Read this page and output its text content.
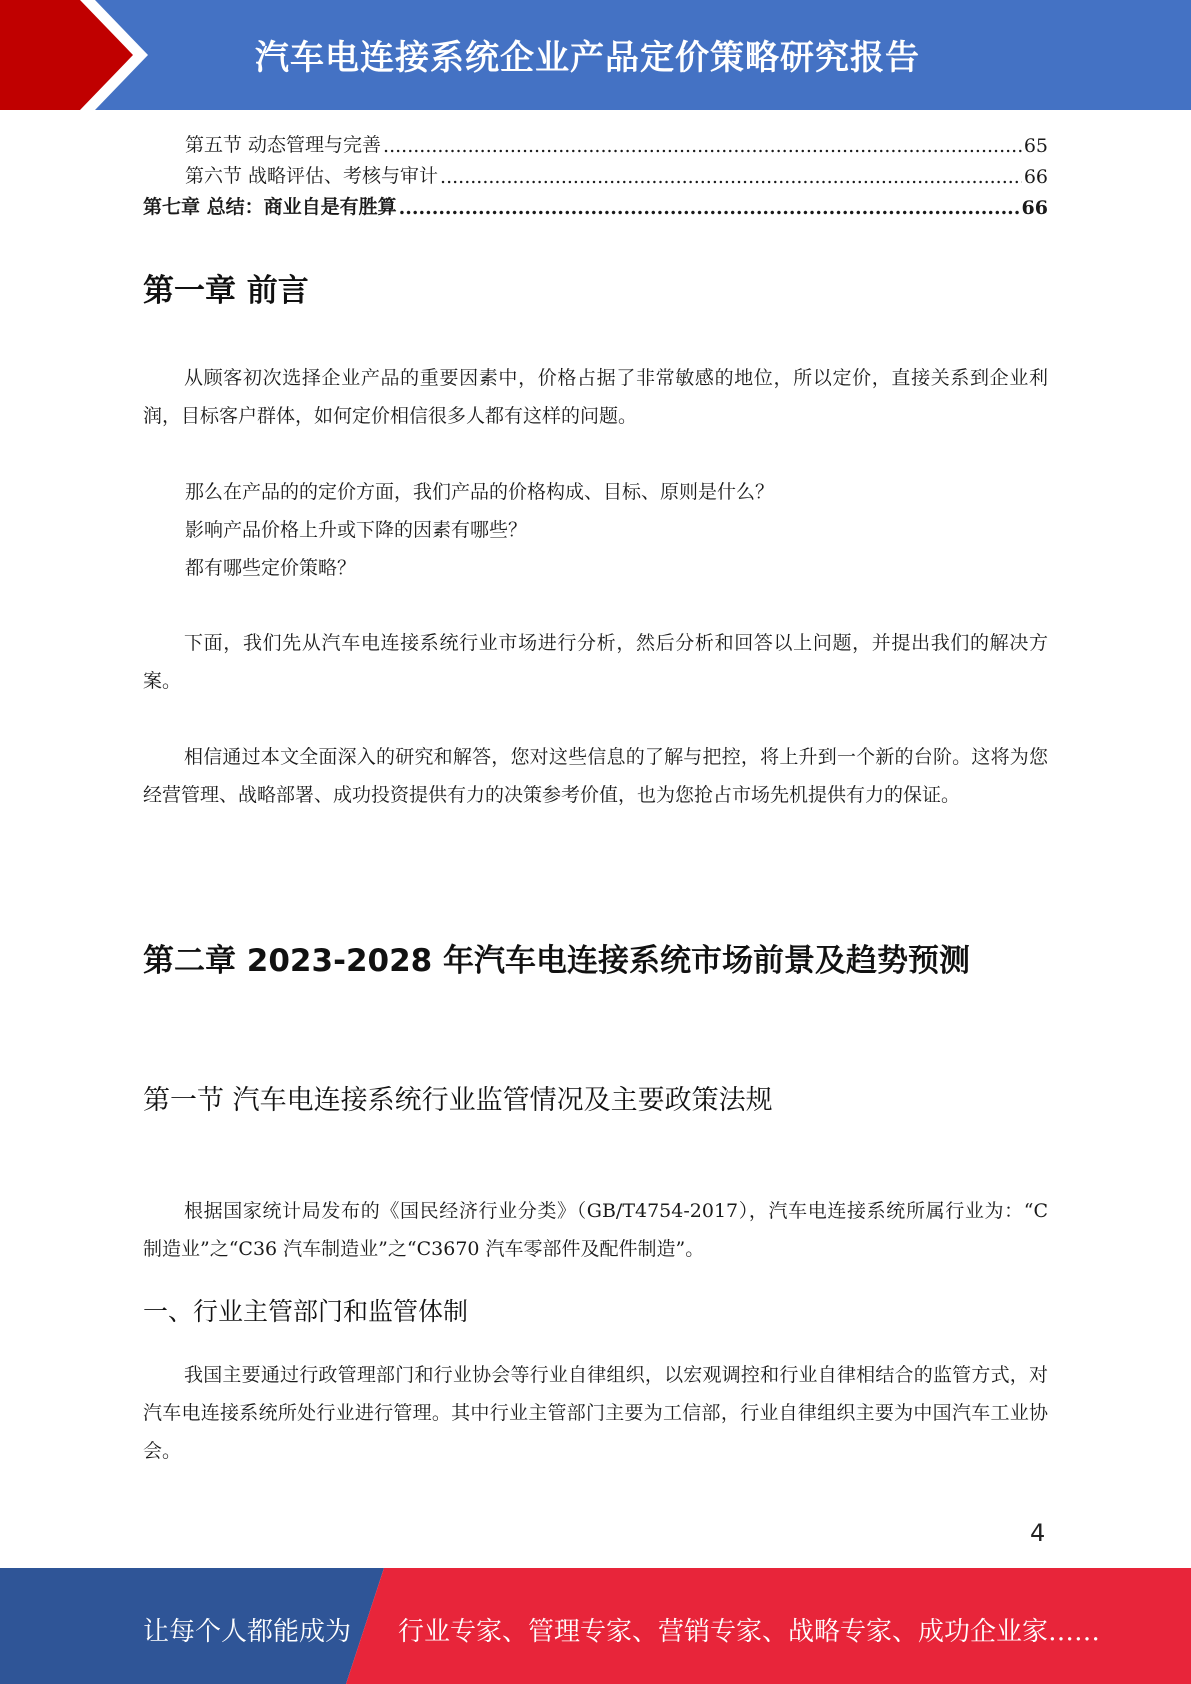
汽车电连接系统企业产品定价策略研究报告
第五节 动态管理与完善 .....	65
第六节 战略评估、考核与审计 .....	66
第七章 总结：商业自是有胜算 .....	66
第一章 前言

从顾客初次选择企业产品的重要因素中，价格占据了非常敏感的地位，所以定价，直接关系到企业利润，目标客户群体，如何定价相信很多人都有这样的问题。

那么在产品的的定价方面，我们产品的价格构成、目标、原则是什么？
影响产品价格上升或下降的因素有哪些？
都有哪些定价策略？

下面，我们先从汽车电连接系统行业市场进行分析，然后分析和回答以上问题，并提出我们的解决方案。

相信通过本文全面深入的研究和解答，您对这些信息的了解与把控，将上升到一个新的台阶。这将为您经营管理、战略部署、成功投资提供有力的决策参考价值，也为您抢占市场先机提供有力的保证。

第二章 2023-2028 年汽车电连接系统市场前景及趋势预测
第一节 汽车电连接系统行业监管情况及主要政策法规

根据国家统计局发布的《国民经济行业分类》（GB/T4754-2017），汽车电连接系统所属行业为：“C 制造业”之“C36 汽车制造业”之“C3670 汽车零部件及配件制造”。

一、行业主管部门和监管体制

我国主要通过行政管理部门和行业协会等行业自律组织，以宏观调控和行业自律相结合的监管方式，对汽车电连接系统所处行业进行管理。其中行业主管部门主要为工信部，行业自律组织主要为中国汽车工业协会。

4
让每个人都能成为 行业专家、管理专家、营销专家、战略专家、成功企业家……
